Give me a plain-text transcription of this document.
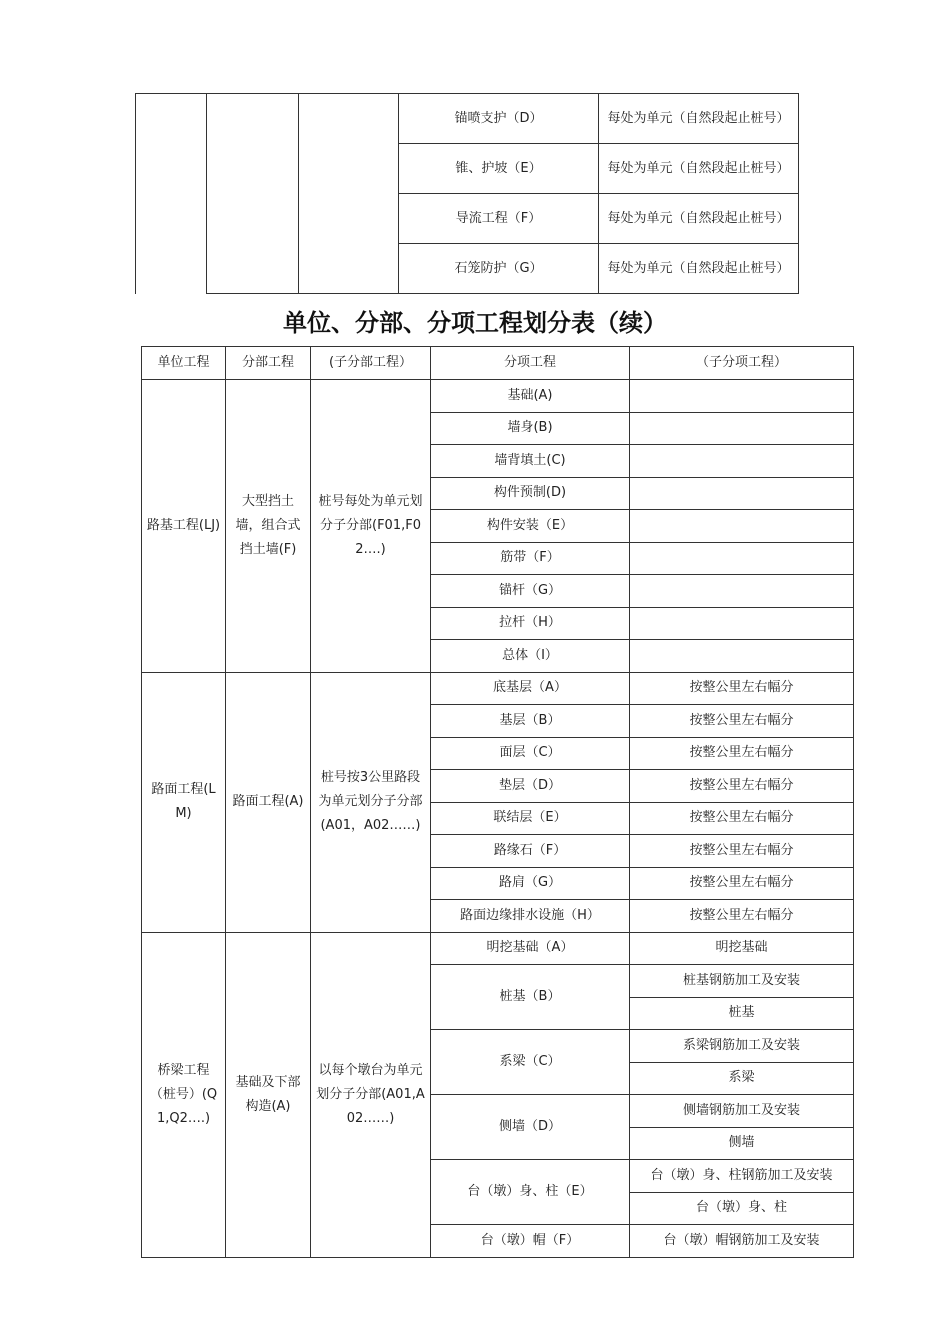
			锚喷支护（D）	每处为单元（自然段起止桩号）
			锥、护坡（E）	每处为单元（自然段起止桩号）
			导流工程（F）	每处为单元（自然段起止桩号）
			石笼防护（G）	每处为单元（自然段起止桩号）
单位、分部、分项工程划分表（续）
单位工程	分部工程	(子分部工程）	分项工程	（子分项工程）
路基工程(LJ)	大型挡土墙，组合式挡土墙(F)	桩号每处为单元划分子分部(F01,F02….)	基础(A)	
			墙身(B)	
			墙背填土(C)	
			构件预制(D)	
			构件安装（E）	
			筋带（F）	
			锚杆（G）	
			拉杆（H）	
			总体（I）	
路面工程(LM)	路面工程(A)	桩号按3公里路段为单元划分子分部(A01，A02……)	底基层（A）	按整公里左右幅分
			基层（B）	按整公里左右幅分
			面层（C）	按整公里左右幅分
			垫层（D）	按整公里左右幅分
			联结层（E）	按整公里左右幅分
			路缘石（F）	按整公里左右幅分
			路肩（G）	按整公里左右幅分
			路面边缘排水设施（H）	按整公里左右幅分
桥梁工程（桩号）(Q1,Q2….)	基础及下部构造(A)	以每个墩台为单元划分子分部(A01,A02……)	明挖基础（A）	明挖基础
			桩基（B）	桩基钢筋加工及安装
				桩基
			系梁（C）	系梁钢筋加工及安装
				系梁
			侧墙（D）	侧墙钢筋加工及安装
				侧墙
			台（墩）身、柱（E）	台（墩）身、柱钢筋加工及安装
				台（墩）身、柱
			台（墩）帽（F）	台（墩）帽钢筋加工及安装
